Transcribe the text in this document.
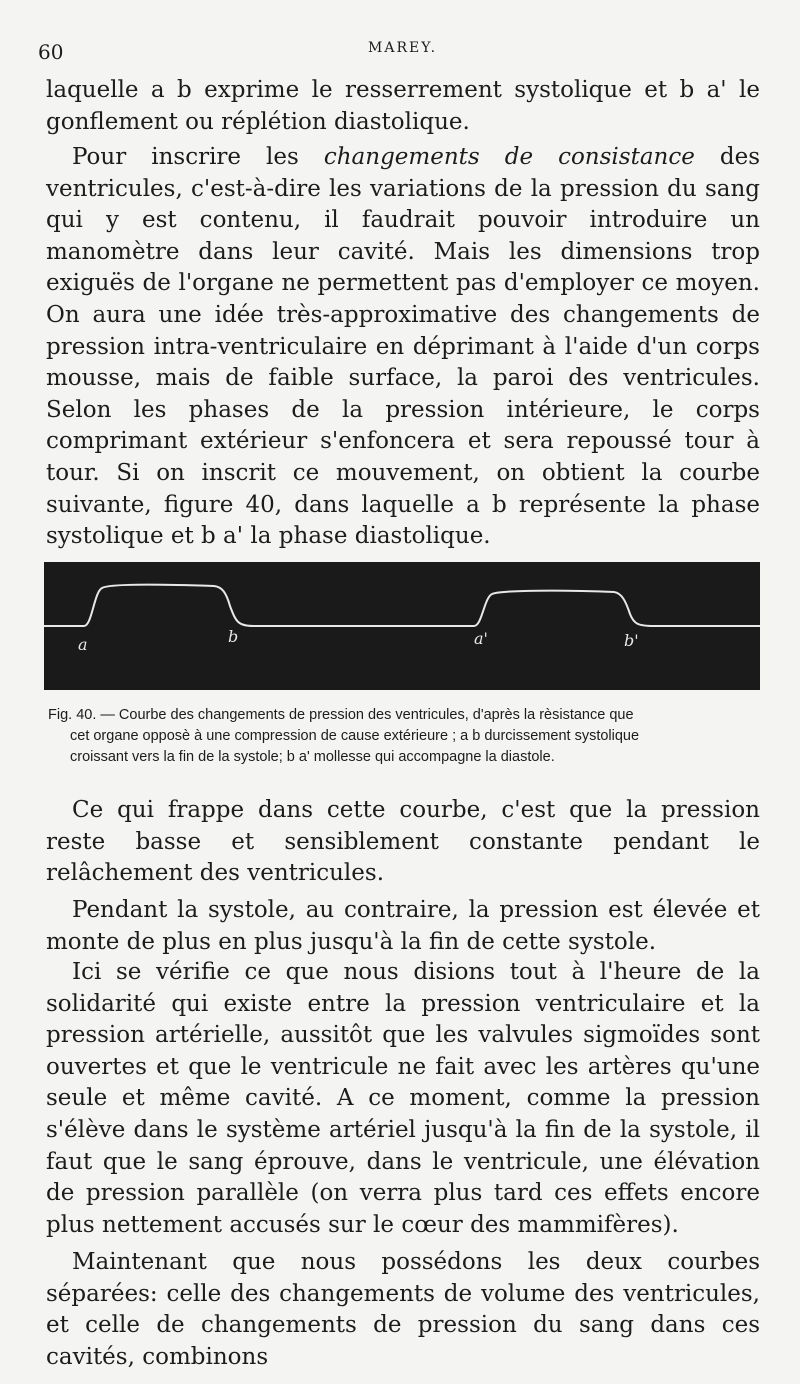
60	MAREY.

laquelle a b exprime le resserrement systolique et b a' le gonflement ou réplétion diastolique.

Pour inscrire les changements de consistance des ventricules, c'est-à-dire les variations de la pression du sang qui y est contenu, il faudrait pouvoir introduire un manomètre dans leur cavité. Mais les dimensions trop exiguës de l'organe ne permettent pas d'employer ce moyen. On aura une idée très-approximative des changements de pression intra-ventriculaire en déprimant à l'aide d'un corps mousse, mais de faible surface, la paroi des ventricules. Selon les phases de la pression intérieure, le corps comprimant extérieur s'enfoncera et sera repoussé tour à tour. Si on inscrit ce mouvement, on obtient la courbe suivante, figure 40, dans laquelle a b représente la phase systolique et b a' la phase diastolique.

a	b	a'	b'

Fig. 40. — Courbe des changements de pression des ventricules, d'après la rèsistance que
cet organe opposè à une compression de cause extérieure ; a b durcissement systolique
croissant vers la fin de la systole; b a' mollesse qui accompagne la diastole.

Ce qui frappe dans cette courbe, c'est que la pression reste basse et sensiblement constante pendant le relâchement des ventricules.

Pendant la systole, au contraire, la pression est élevée et monte de plus en plus jusqu'à la fin de cette systole.

Ici se vérifie ce que nous disions tout à l'heure de la solidarité qui existe entre la pression ventriculaire et la pression artérielle, aussitôt que les valvules sigmoïdes sont ouvertes et que le ventricule ne fait avec les artères qu'une seule et même cavité. A ce moment, comme la pression s'élève dans le système artériel jusqu'à la fin de la systole, il faut que le sang éprouve, dans le ventricule, une élévation de pression parallèle (on verra plus tard ces effets encore plus nettement accusés sur le cœur des mammifères).

Maintenant que nous possédons les deux courbes séparées: celle des changements de volume des ventricules, et celle de changements de pression du sang dans ces cavités, combinons
